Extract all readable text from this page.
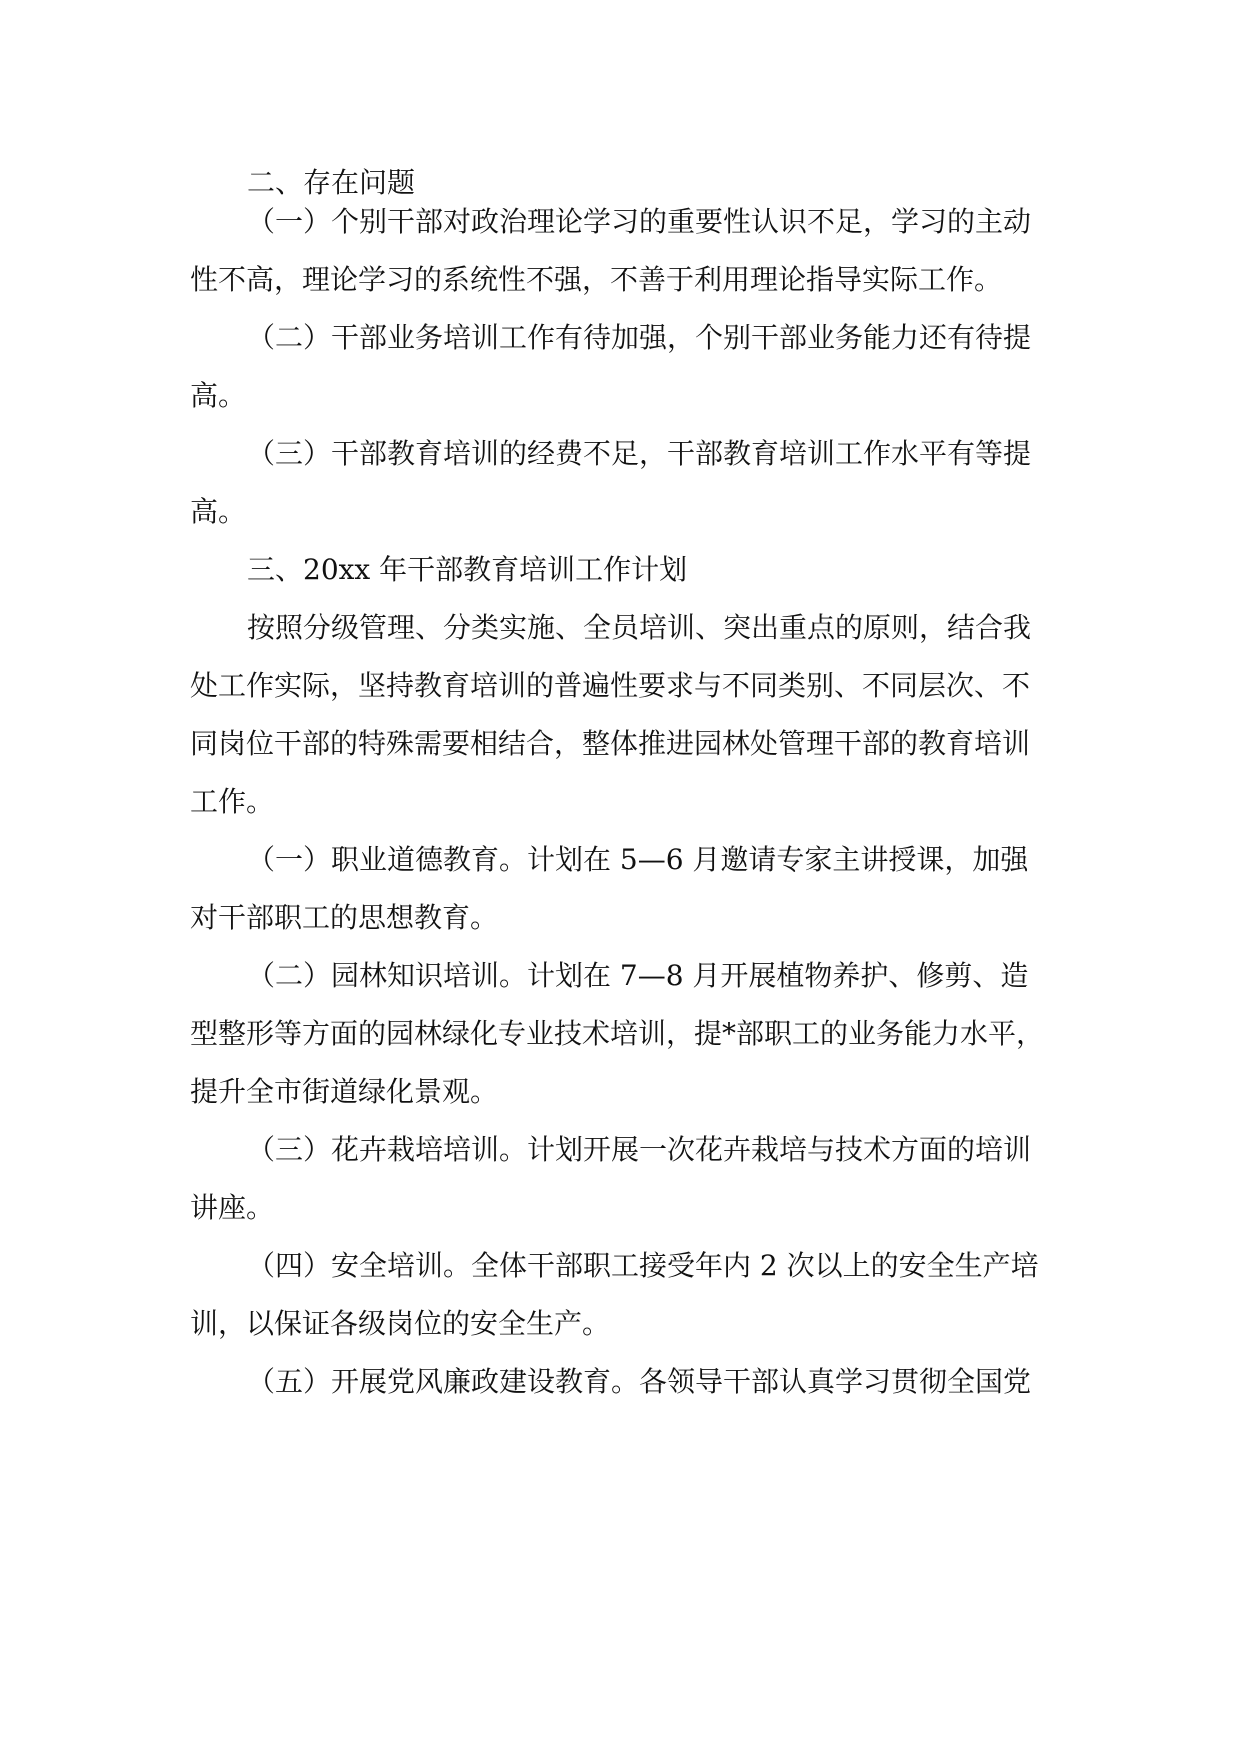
二、存在问题

（一）个别干部对政治理论学习的重要性认识不足，学习的主动

性不高，理论学习的系统性不强，不善于利用理论指导实际工作。

（二）干部业务培训工作有待加强，个别干部业务能力还有待提

高。

（三）干部教育培训的经费不足，干部教育培训工作水平有等提

高。

三、20xx 年干部教育培训工作计划

按照分级管理、分类实施、全员培训、突出重点的原则，结合我

处工作实际，坚持教育培训的普遍性要求与不同类别、不同层次、不

同岗位干部的特殊需要相结合，整体推进园林处管理干部的教育培训

工作。

（一）职业道德教育。计划在 5—6 月邀请专家主讲授课，加强

对干部职工的思想教育。

（二）园林知识培训。计划在 7—8 月开展植物养护、修剪、造

型整形等方面的园林绿化专业技术培训，提*部职工的业务能力水平，

提升全市街道绿化景观。

（三）花卉栽培培训。计划开展一次花卉栽培与技术方面的培训

讲座。

（四）安全培训。全体干部职工接受年内 2 次以上的安全生产培

训，以保证各级岗位的安全生产。

（五）开展党风廉政建设教育。各领导干部认真学习贯彻全国党
